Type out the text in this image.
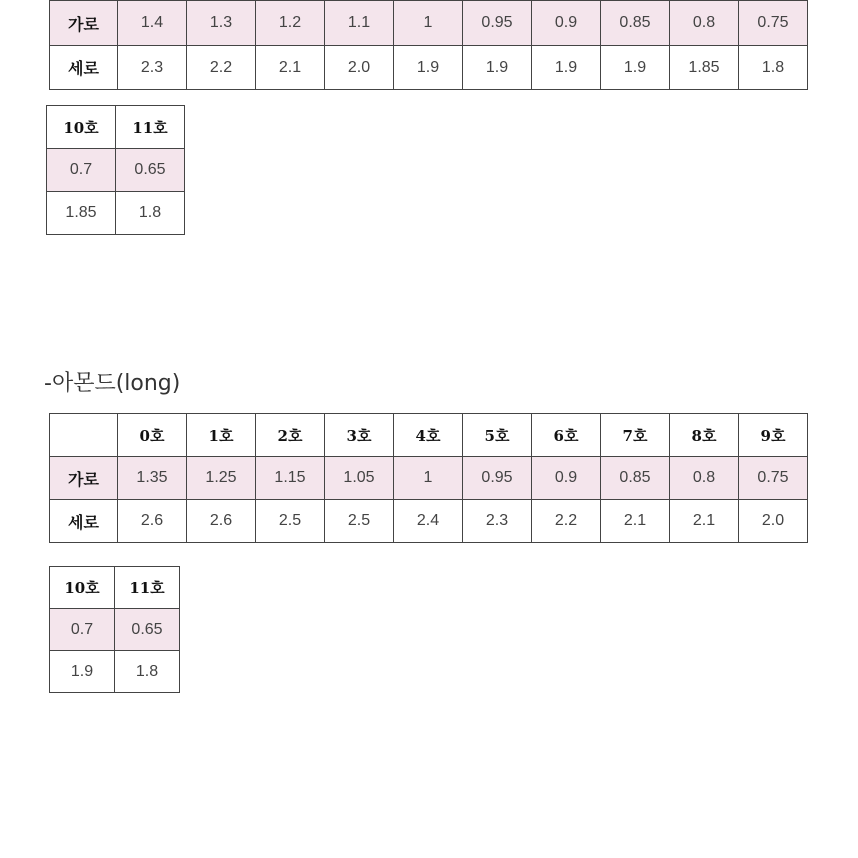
가로	1.4	1.3	1.2	1.1	1	0.95	0.9	0.85	0.8	0.75
세로	2.3	2.2	2.1	2.0	1.9	1.9	1.9	1.9	1.85	1.8
10호	11호
0.7	0.65
1.85	1.8
-아몬드(long)
	0호	1호	2호	3호	4호	5호	6호	7호	8호	9호
가로	1.35	1.25	1.15	1.05	1	0.95	0.9	0.85	0.8	0.75
세로	2.6	2.6	2.5	2.5	2.4	2.3	2.2	2.1	2.1	2.0
10호	11호
0.7	0.65
1.9	1.8
